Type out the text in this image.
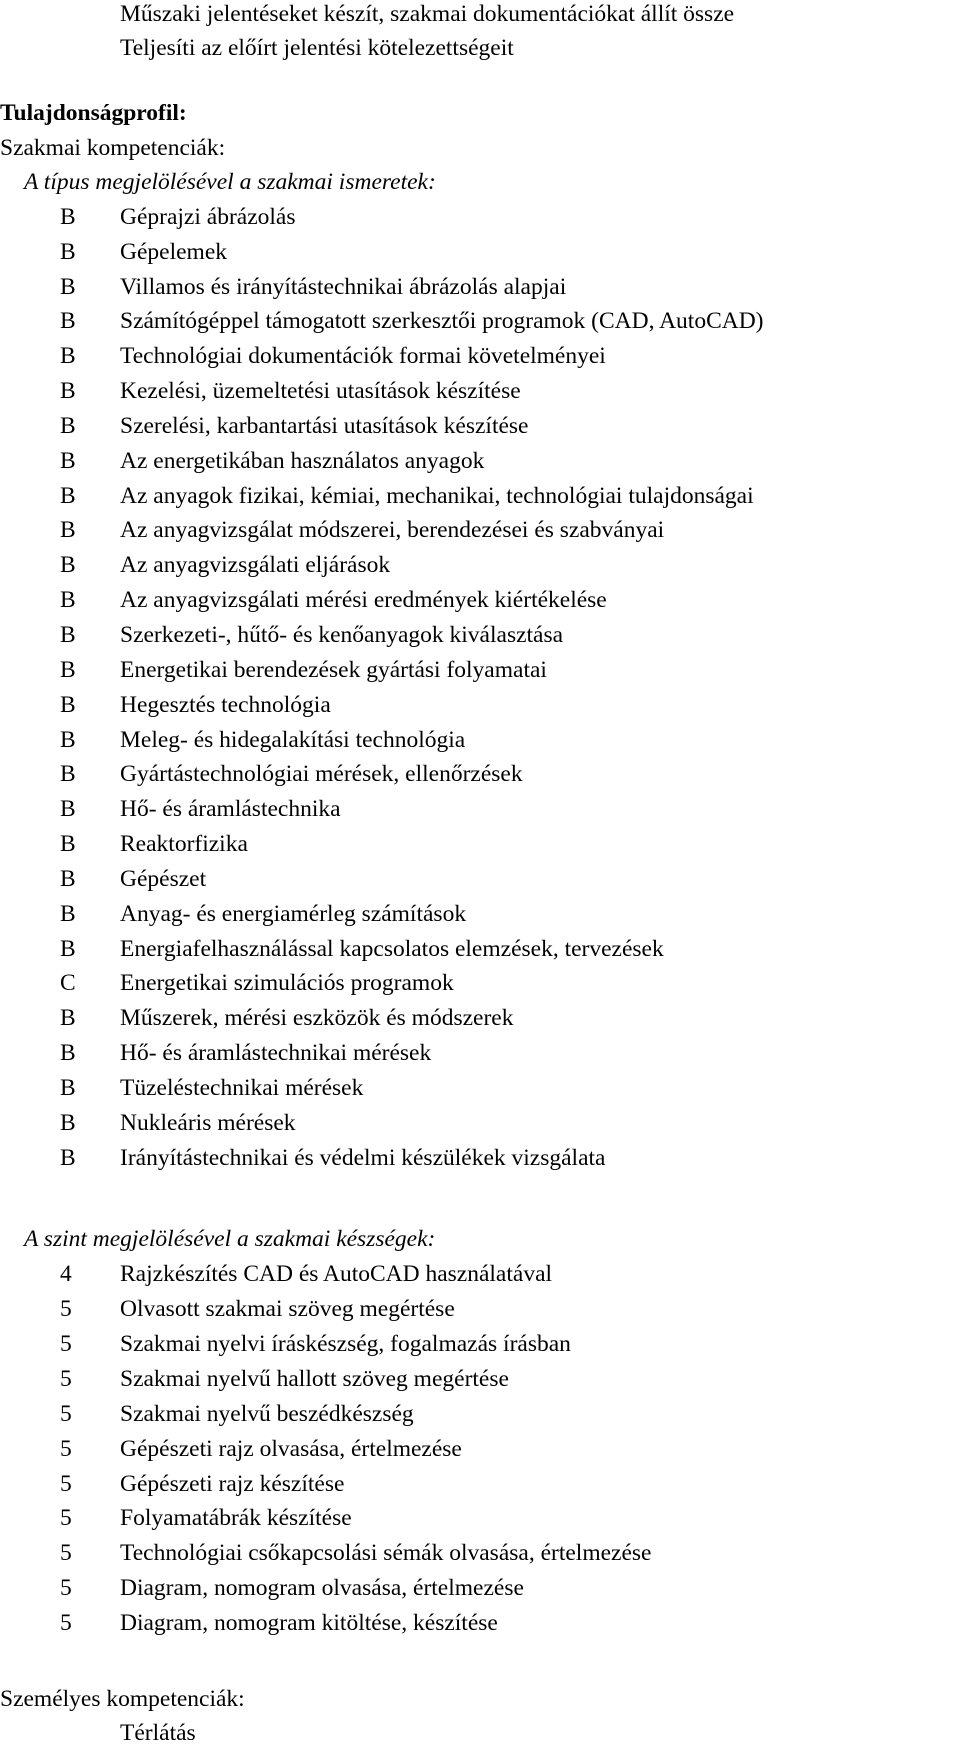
Műszaki jelentéseket készít, szakmai dokumentációkat állít össze
Teljesíti az előírt jelentési kötelezettségeit
Tulajdonságprofil:
Szakmai kompetenciák:
A típus megjelölésével a szakmai ismeretek:
B Géprajzi ábrázolás
B Gépelemek
B Villamos és irányítástechnikai ábrázolás alapjai
B Számítógéppel támogatott szerkesztői programok (CAD, AutoCAD)
B Technológiai dokumentációk formai követelményei
B Kezelési, üzemeltetési utasítások készítése
B Szerelési, karbantartási utasítások készítése
B Az energetikában használatos anyagok
B Az anyagok fizikai, kémiai, mechanikai, technológiai tulajdonságai
B Az anyagvizsgálat módszerei, berendezései és szabványai
B Az anyagvizsgálati eljárások
B Az anyagvizsgálati mérési eredmények kiértékelése
B Szerkezeti-, hűtő- és kenőanyagok kiválasztása
B Energetikai berendezések gyártási folyamatai
B Hegesztés technológia
B Meleg- és hidegalakítási technológia
B Gyártástechnológiai mérések, ellenőrzések
B Hő- és áramlástechnika
B Reaktorfizika
B Gépészet
B Anyag- és energiamérleg számítások
B Energiafelhasználással kapcsolatos elemzések, tervezések
C Energetikai szimulációs programok
B Műszerek, mérési eszközök és módszerek
B Hő- és áramlástechnikai mérések
B Tüzeléstechnikai mérések
B Nukleáris mérések
B Irányítástechnikai és védelmi készülékek vizsgálata
A szint megjelölésével a szakmai készségek:
4 Rajzkészítés CAD és AutoCAD használatával
5 Olvasott szakmai szöveg megértése
5 Szakmai nyelvi íráskészség, fogalmazás írásban
5 Szakmai nyelvű hallott szöveg megértése
5 Szakmai nyelvű beszédkészség
5 Gépészeti rajz olvasása, értelmezése
5 Gépészeti rajz készítése
5 Folyamatábrák készítése
5 Technológiai csőkapcsolási sémák olvasása, értelmezése
5 Diagram, nomogram olvasása, értelmezése
5 Diagram, nomogram kitöltése, készítése
Személyes kompetenciák:
Térlátás
